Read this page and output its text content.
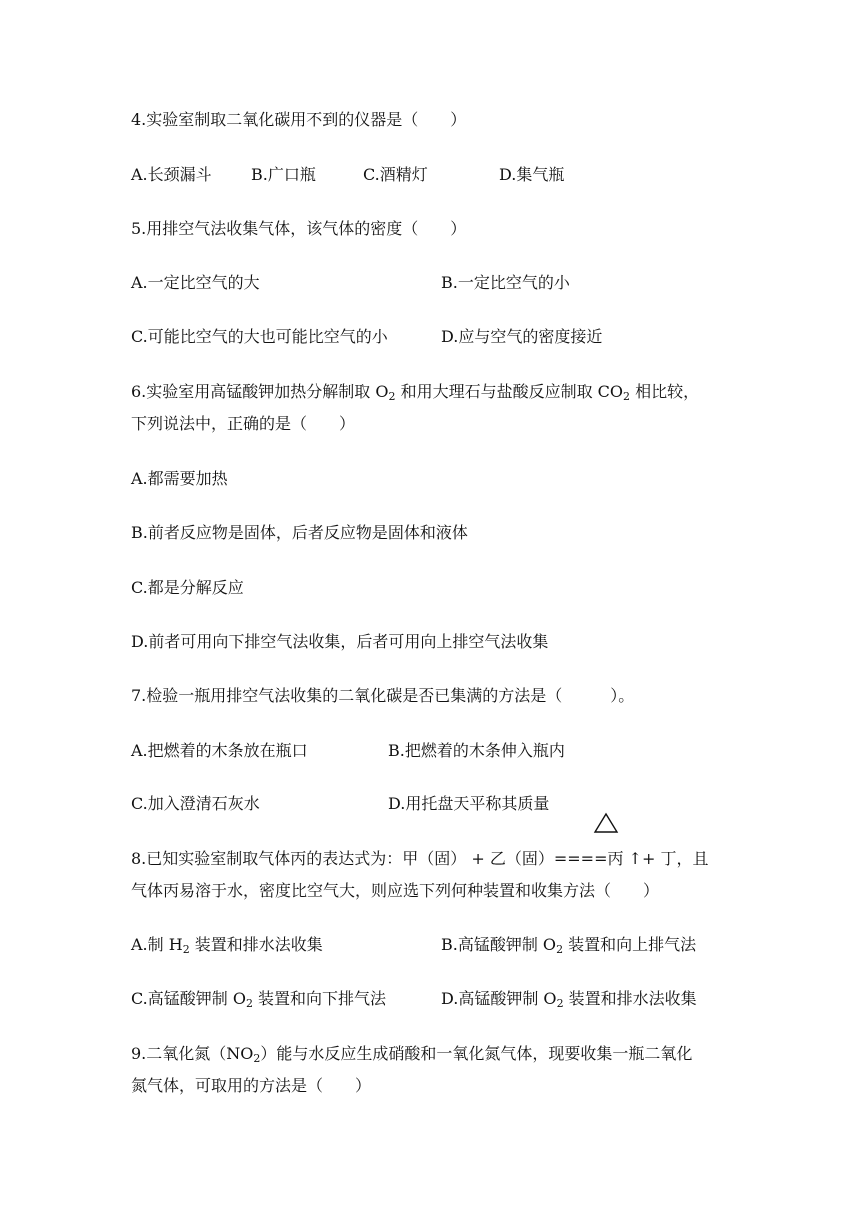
4.实验室制取二氧化碳用不到的仪器是（　　）
A.长颈漏斗 B.广口瓶	C.酒精灯	D.集气瓶
5.用排空气法收集气体，该气体的密度（　　）
A.一定比空气的大	B.一定比空气的小
C.可能比空气的大也可能比空气的小	D.应与空气的密度接近
6.实验室用高锰酸钾加热分解制取 $O_2$ 和用大理石与盐酸反应制取 $CO_2$ 相比较，
下列说法中，正确的是（　　）
A.都需要加热
B.前者反应物是固体，后者反应物是固体和液体
C.都是分解反应
D.前者可用向下排空气法收集，后者可用向上排空气法收集
7.检验一瓶用排空气法收集的二氧化碳是否已集满的方法是（　　　）。
A.把燃着的木条放在瓶口	B.把燃着的木条伸入瓶内
C.加入澄清石灰水	D.用托盘天平称其质量
8.已知实验室制取气体丙的表达式为：甲（固） + 乙（固）====丙 ↑+ 丁，且
气体丙易溶于水，密度比空气大，则应选下列何种装置和收集方法（　　）
A.制 $H_2$ 装置和排水法收集	B.高锰酸钾制 $O_2$ 装置和向上排气法
C.高锰酸钾制 $O_2$ 装置和向下排气法	D.高锰酸钾制 $O_2$ 装置和排水法收集
9.二氧化氮$(NO_2)$能与水反应生成硝酸和一氧化氮气体，现要收集一瓶二氧化
氮气体，可取用的方法是（　　）
